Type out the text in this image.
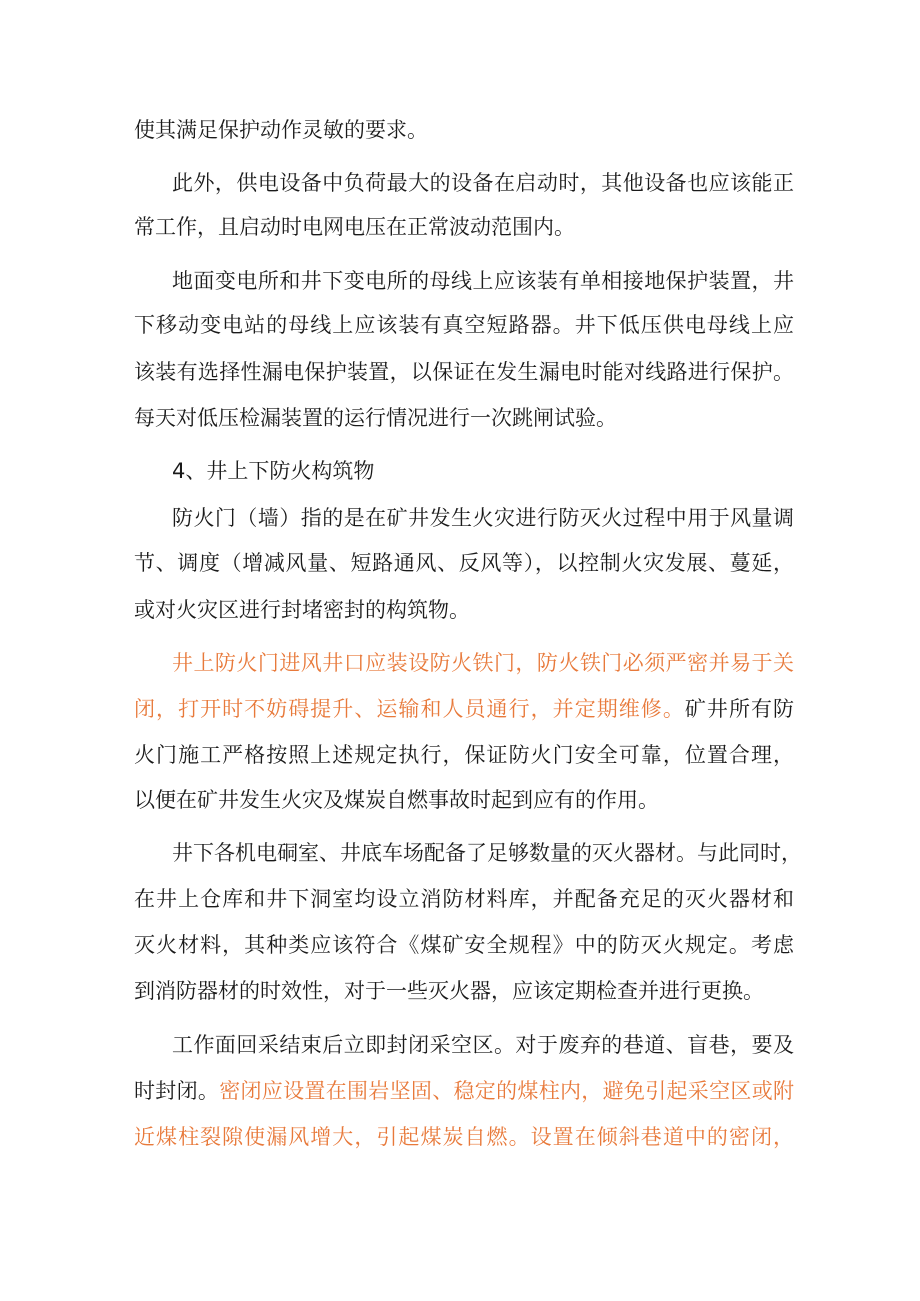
使其满足保护动作灵敏的要求。
此外，供电设备中负荷最大的设备在启动时，其他设备也应该能正
常工作，且启动时电网电压在正常波动范围内。
地面变电所和井下变电所的母线上应该装有单相接地保护装置，井
下移动变电站的母线上应该装有真空短路器。井下低压供电母线上应
该装有选择性漏电保护装置，以保证在发生漏电时能对线路进行保护。
每天对低压检漏装置的运行情况进行一次跳闸试验。
4、井上下防火构筑物
防火门（墙）指的是在矿井发生火灾进行防灭火过程中用于风量调
节、调度（增减风量、短路通风、反风等），以控制火灾发展、蔓延，
或对火灾区进行封堵密封的构筑物。
井上防火门进风井口应装设防火铁门，防火铁门必须严密并易于关
闭，打开时不妨碍提升、运输和人员通行，并定期维修。矿井所有防
火门施工严格按照上述规定执行，保证防火门安全可靠，位置合理，
以便在矿井发生火灾及煤炭自燃事故时起到应有的作用。
井下各机电硐室、井底车场配备了足够数量的灭火器材。与此同时，
在井上仓库和井下洞室均设立消防材料库，并配备充足的灭火器材和
灭火材料，其种类应该符合《煤矿安全规程》中的防灭火规定。考虑
到消防器材的时效性，对于一些灭火器，应该定期检查并进行更换。
工作面回采结束后立即封闭采空区。对于废弃的巷道、盲巷，要及
时封闭。密闭应设置在围岩坚固、稳定的煤柱内，避免引起采空区或附
近煤柱裂隙使漏风增大，引起煤炭自燃。设置在倾斜巷道中的密闭，
